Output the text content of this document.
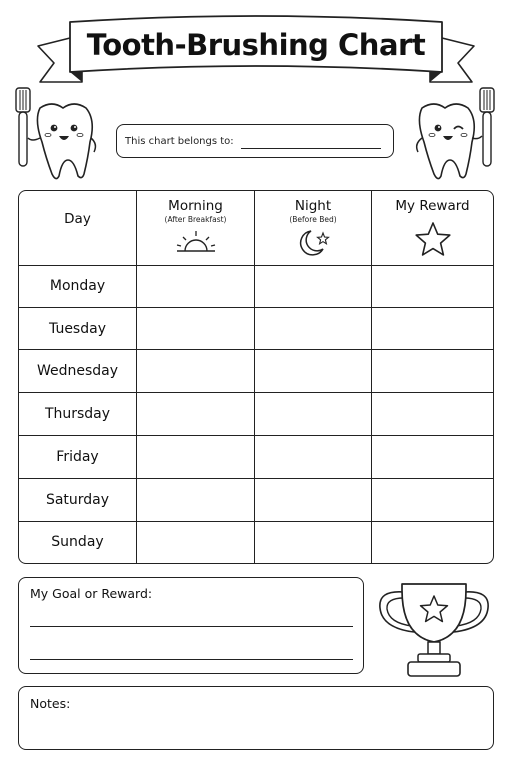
Tooth-Brushing Chart
This chart belongs to:
Day
Morning
(After Breakfast)
Night
(Before Bed)
My Reward
Monday
Tuesday
Wednesday
Thursday
Friday
Saturday
Sunday
My Goal or Reward:
Notes:
